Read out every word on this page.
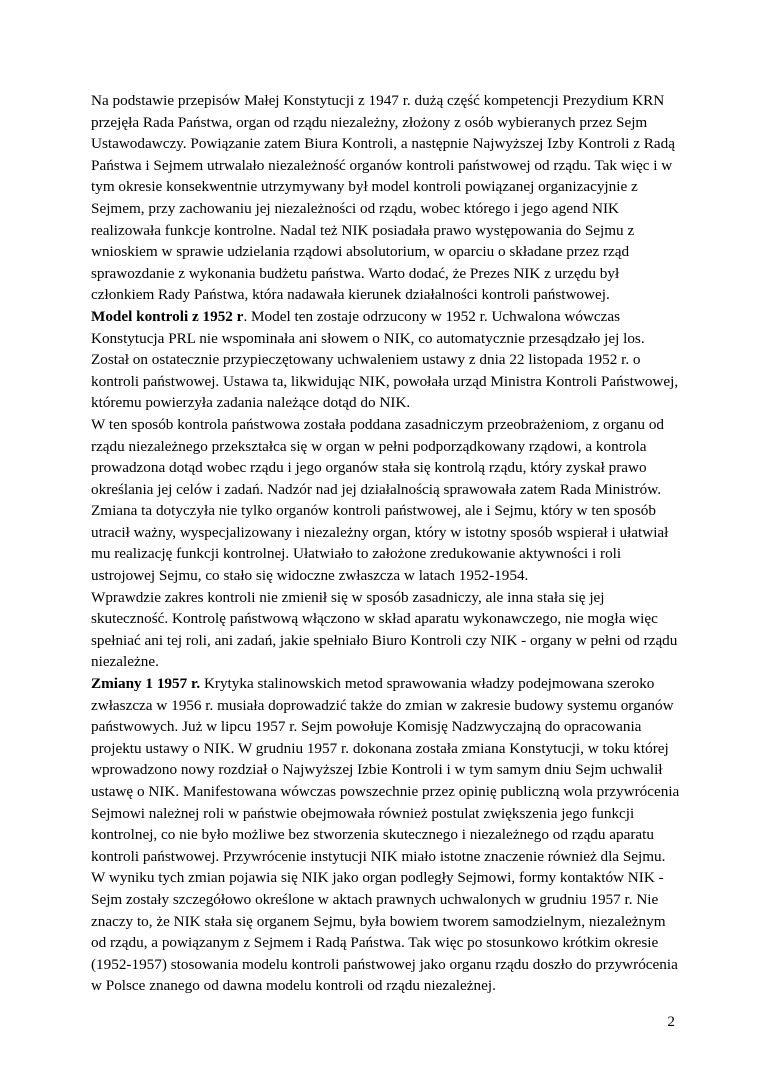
Na podstawie przepisów Małej Konstytucji z 1947 r. dużą część kompetencji Prezydium KRN przejęła Rada Państwa, organ od rządu niezależny, złożony z osób wybieranych przez Sejm Ustawodawczy. Powiązanie zatem Biura Kontroli, a następnie Najwyższej Izby Kontroli z Radą Państwa i Sejmem utrwalało niezależność organów kontroli państwowej od rządu. Tak więc i w tym okresie konsekwentnie utrzymywany był model kontroli powiązanej organizacyjnie z Sejmem, przy zachowaniu jej niezależności od rządu, wobec którego i jego agend NIK realizowała funkcje kontrolne. Nadal też NIK posiadała prawo występowania do Sejmu z wnioskiem w sprawie udzielania rządowi absolutorium, w oparciu o składane przez rząd sprawozdanie z wykonania budżetu państwa. Warto dodać, że Prezes NIK z urzędu był członkiem Rady Państwa, która nadawała kierunek działalności kontroli państwowej.

Model kontroli z 1952 r. Model ten zostaje odrzucony w 1952 r. Uchwalona wówczas Konstytucja PRL nie wspominała ani słowem o NIK, co automatycznie przesądzało jej los. Został on ostatecznie przypieczętowany uchwaleniem ustawy z dnia 22 listopada 1952 r. o kontroli państwowej. Ustawa ta, likwidując NIK, powołała urząd Ministra Kontroli Państwowej, któremu powierzyła zadania należące dotąd do NIK.

W ten sposób kontrola państwowa została poddana zasadniczym przeobrażeniom, z organu od rządu niezależnego przekształca się w organ w pełni podporządkowany rządowi, a kontrola prowadzona dotąd wobec rządu i jego organów stała się kontrolą rządu, który zyskał prawo określania jej celów i zadań. Nadzór nad jej działalnością sprawowała zatem Rada Ministrów. Zmiana ta dotyczyła nie tylko organów kontroli państwowej, ale i Sejmu, który w ten sposób utracił ważny, wyspecjalizowany i niezależny organ, który w istotny sposób wspierał i ułatwiał mu realizację funkcji kontrolnej. Ułatwiało to założone zredukowanie aktywności i roli ustrojowej Sejmu, co stało się widoczne zwłaszcza w latach 1952-1954.

Wprawdzie zakres kontroli nie zmienił się w sposób zasadniczy, ale inna stała się jej skuteczność. Kontrolę państwową włączono w skład aparatu wykonawczego, nie mogła więc spełniać ani tej roli, ani zadań, jakie spełniało Biuro Kontroli czy NIK - organy w pełni od rządu niezależne.

Zmiany 1 1957 r. Krytyka stalinowskich metod sprawowania władzy podejmowana szeroko zwłaszcza w 1956 r. musiała doprowadzić także do zmian w zakresie budowy systemu organów państwowych. Już w lipcu 1957 r. Sejm powołuje Komisję Nadzwyczajną do opracowania projektu ustawy o NIK. W grudniu 1957 r. dokonana została zmiana Konstytucji, w toku której wprowadzono nowy rozdział o Najwyższej Izbie Kontroli i w tym samym dniu Sejm uchwalił ustawę o NIK. Manifestowana wówczas powszechnie przez opinię publiczną wola przywrócenia Sejmowi należnej roli w państwie obejmowała również postulat zwiększenia jego funkcji kontrolnej, co nie było możliwe bez stworzenia skutecznego i niezależnego od rządu aparatu kontroli państwowej. Przywrócenie instytucji NIK miało istotne znaczenie również dla Sejmu.

W wyniku tych zmian pojawia się NIK jako organ podległy Sejmowi, formy kontaktów NIK - Sejm zostały szczegółowo określone w aktach prawnych uchwalonych w grudniu 1957 r. Nie znaczy to, że NIK stała się organem Sejmu, była bowiem tworem samodzielnym, niezależnym od rządu, a powiązanym z Sejmem i Radą Państwa. Tak więc po stosunkowo krótkim okresie (1952-1957) stosowania modelu kontroli państwowej jako organu rządu doszło do przywrócenia w Polsce znanego od dawna modelu kontroli od rządu niezależnej.

2
